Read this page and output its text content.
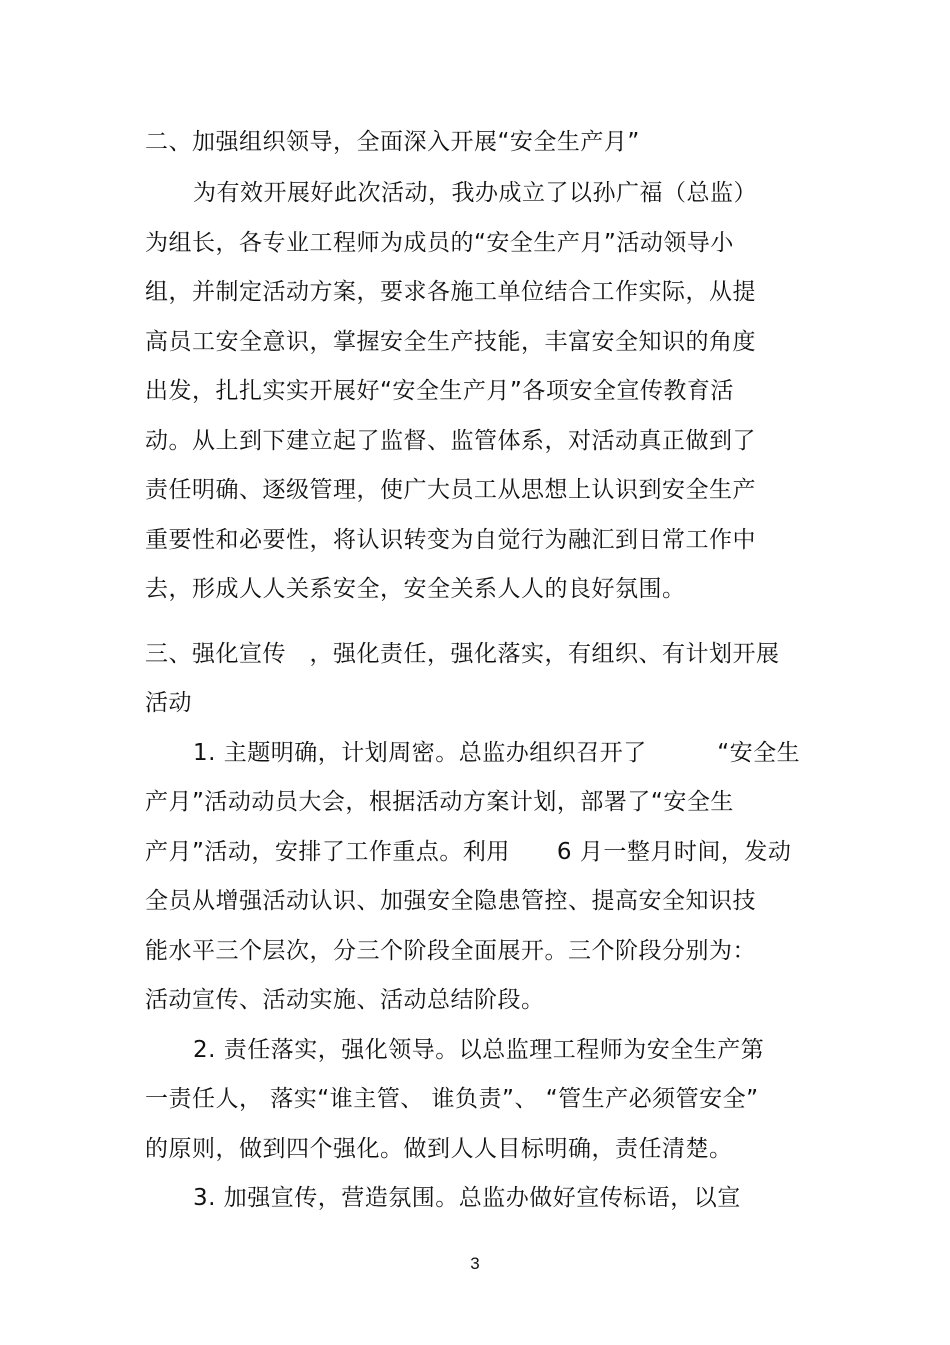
二、加强组织领导，全面深入开展“安全生产月”
为有效开展好此次活动，我办成立了以孙广福（总监）
为组长，各专业工程师为成员的“安全生产月”活动领导小
组，并制定活动方案，要求各施工单位结合工作实际，从提
高员工安全意识，掌握安全生产技能，丰富安全知识的角度
出发，扎扎实实开展好“安全生产月”各项安全宣传教育活
动。从上到下建立起了监督、监管体系，对活动真正做到了
责任明确、逐级管理，使广大员工从思想上认识到安全生产
重要性和必要性，将认识转变为自觉行为融汇到日常工作中
去，形成人人关系安全，安全关系人人的良好氛围。
三、强化宣传　，强化责任，强化落实，有组织、有计划开展
活动
1. 主题明确，计划周密。总监办组织召开了　　　“安全生
产月”活动动员大会，根据活动方案计划，部署了“安全生
产月”活动，安排了工作重点。利用　　6 月一整月时间，发动
全员从增强活动认识、加强安全隐患管控、提高安全知识技
能水平三个层次，分三个阶段全面展开。三个阶段分别为：
活动宣传、活动实施、活动总结阶段。
2. 责任落实，强化领导。以总监理工程师为安全生产第
一责任人， 落实“谁主管、 谁负责”、 “管生产必须管安全”
的原则，做到四个强化。做到人人目标明确，责任清楚。
3. 加强宣传，营造氛围。总监办做好宣传标语，以宣
3
